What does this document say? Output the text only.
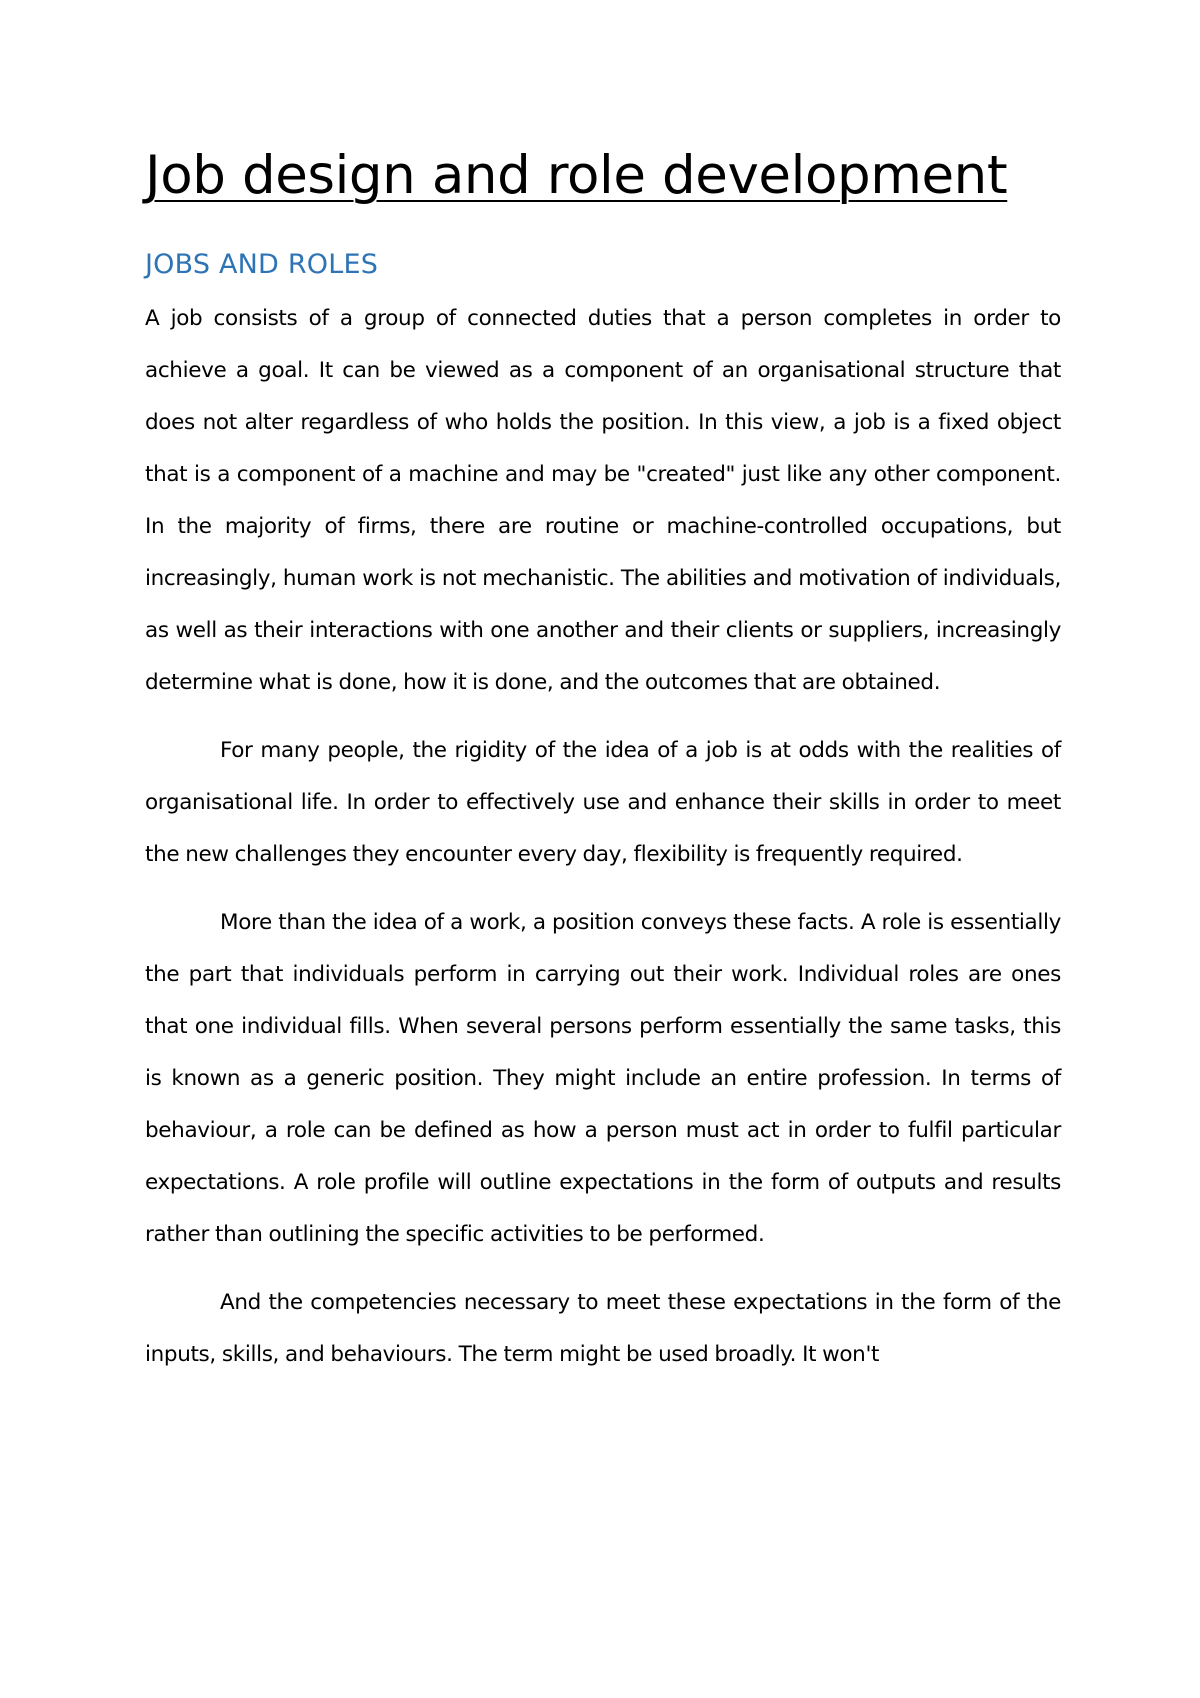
Job design and role development
JOBS AND ROLES

A job consists of a group of connected duties that a person completes in order to achieve a goal. It can be viewed as a component of an organisational structure that does not alter regardless of who holds the position. In this view, a job is a fixed object that is a component of a machine and may be "created" just like any other component. In the majority of firms, there are routine or machine-controlled occupations, but increasingly, human work is not mechanistic. The abilities and motivation of individuals, as well as their interactions with one another and their clients or suppliers, increasingly determine what is done, how it is done, and the outcomes that are obtained.

For many people, the rigidity of the idea of a job is at odds with the realities of organisational life. In order to effectively use and enhance their skills in order to meet the new challenges they encounter every day, flexibility is frequently required.

More than the idea of a work, a position conveys these facts. A role is essentially the part that individuals perform in carrying out their work. Individual roles are ones that one individual fills. When several persons perform essentially the same tasks, this is known as a generic position. They might include an entire profession. In terms of behaviour, a role can be defined as how a person must act in order to fulfil particular expectations. A role profile will outline expectations in the form of outputs and results rather than outlining the specific activities to be performed.

And the competencies necessary to meet these expectations in the form of the inputs, skills, and behaviours. The term might be used broadly. It won't
